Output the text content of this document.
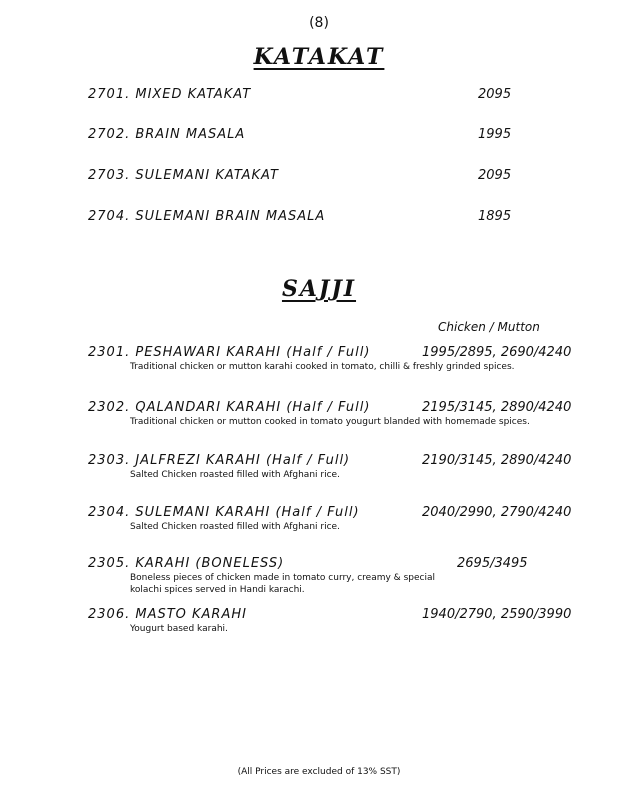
(8)
KATAKAT
2701. MIXED KATAKAT	2095
2702. BRAIN MASALA	1995
2703. SULEMANI KATAKAT	2095
2704. SULEMANI BRAIN MASALA	1895
SAJJI
Chicken / Mutton
2301. PESHAWARI KARAHI (Half / Full)	1995/2895, 2690/4240
Traditional chicken or mutton karahi cooked in tomato, chilli & freshly grinded spices.
2302. QALANDARI KARAHI (Half / Full)	2195/3145, 2890/4240
Traditional chicken or mutton cooked in tomato yougurt blanded with homemade spices.
2303. JALFREZI KARAHI (Half / Full)	2190/3145, 2890/4240
Salted Chicken roasted filled with Afghani rice.
2304. SULEMANI KARAHI (Half / Full)	2040/2990, 2790/4240
Salted Chicken roasted filled with Afghani rice.
2305. KARAHI (BONELESS)	2695/3495
Boneless pieces of chicken made in tomato curry, creamy & special
kolachi spices served in Handi karachi.
2306. MASTO KARAHI	1940/2790, 2590/3990
Yougurt based karahi.
(All Prices are excluded of 13% SST)
